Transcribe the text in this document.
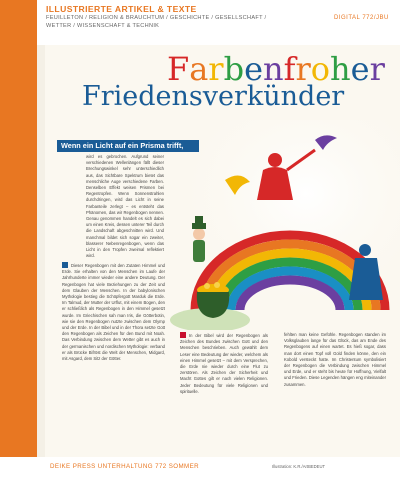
ILLUSTRIERTE ARTIKEL & TEXTE
FEUILLETON / RELIGION & BRAUCHTUM / GESCHICHTE / GESELLSCHAFT / WETTER / WISSENSCHAFT & TECHNIK
DIGITAL 772/JBU
Farbenfroher
Friedensverkünder
Wenn ein Licht auf ein Prisma trifft,
wird es gebrochen. Aufgrund seiner verschiedenen Wellenlängen fällt dieser Brechungswinkel sehr unterschiedlich aus, das Sichtbare Spektrum bietet das menschliche Auge verschiedene Farben. Denselben Effekt weisen Prismen bei Regentropfen. Wenn Sonnenstrahlen durchdringen, wird das Licht in seine Farbanteile zerlegt – es entsteht das Phänomen, das wir Regenbogen nennen. Genau genommen handelt es sich dabei um einen Kreis, dessen unterer Teil durch die Landschaft abgeschnitten wird. Und manchmal bildet sich sogar ein zweiter, blasserer Nebenregenbogen, wenn das Licht in den Tropfen zweimal reflektiert wird.
Dieser Regenbogen mit den Zutaten Himmel und Erde. Sie erhalten von den Menschen im Laufe der Jahrhunderte immer wieder eine andere Deutung. Der Regenbogen hat viele Beziehungen zu der Zeit und dem Glauben der Menschen. In der babylonischen Mythologie bestieg die Schöpfergott Marduk die Erde. Im Talmud, der Mutter der Urflut, mit einem Bogen, den er schließlich als Regenbogen in den Himmel gesetzt wurde. Im Griechischen sah man Iris, die Götterbotin, wie sie den Regenbogen nutzte zwischen dem Olymp und der Erde. In der Bibel und in der Thora setzte Gott den Regenbogen als Zeichen für den Bund mit Noah. Das Verbindung zwischen dem Wetter gibt es auch in der germanischen und nordischen Mythologie: verband er als Brücke Bifröst die Welt der Menschen, Midgard, mit Asgard, dem Sitz der Götter.
In der Bibel wird der Regenbogen als Zeichen des Bundes zwischen Gott und den Menschen beschrieben. Auch gewählt dem Leser eine Bedeutung der wieder, welchem als einen Himmel gesetzt – mit dem Versprechen, die Erde nie wieder durch eine Flut zu zerstören. Als Zeichen der Sicherheit und Macht Gottes gilt er nach vielen Religionen. Jeder Bedeutung für viele Religionen und spirituelle.
fehlten man keine Gefühle. Regenbogen standen im Volksglauben lange für das Glück, das am Ende des Regenbogens auf einen wartet. Es hieß sogar, dass man dort einen Topf voll Gold finden könne, den ein Kobold versteckt hatte. Im Christentum symbolisiert der Regenbogen die Verbindung zwischen Himmel und Erde, und er steht bis heute für Hoffnung, Vielfalt und Frieden. Diese Legenden hängen eng miteinander zusammen.
18	DEIKE PRESS UNTERHALTUNG 772 SOMMER	Illustration: K.R./ArtBEDEUT
